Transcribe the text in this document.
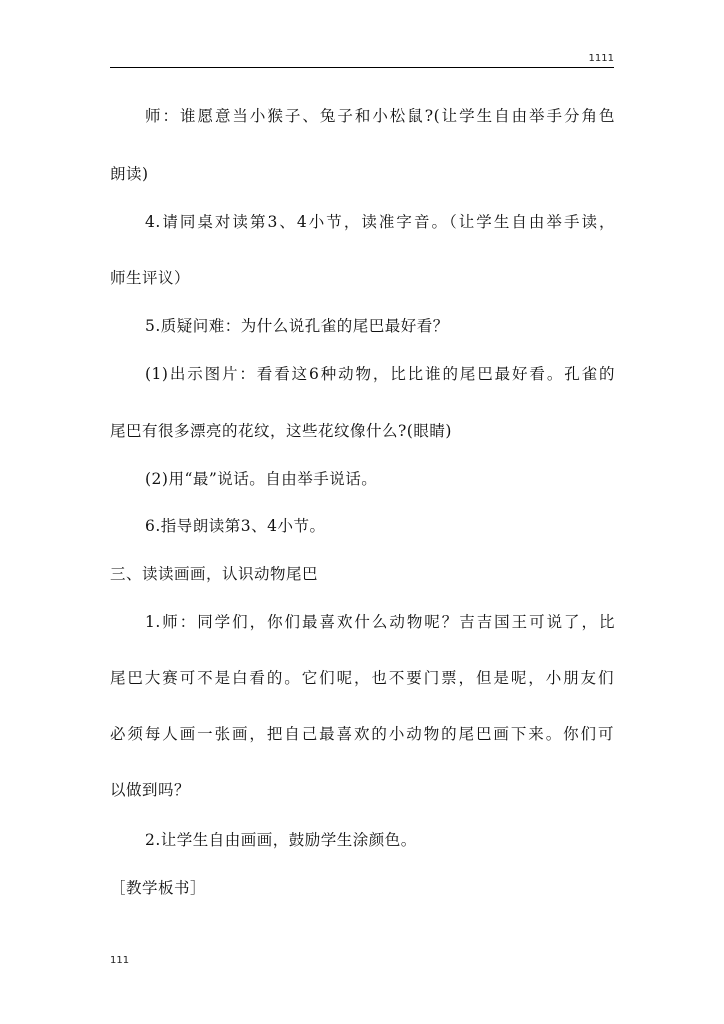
1111
师：谁愿意当小猴子、兔子和小松鼠?(让学生自由举手分角色
朗读)
4.请同桌对读第3、4小节，读准字音。（让学生自由举手读，
师生评议）
5.质疑问难：为什么说孔雀的尾巴最好看？
(1)出示图片：看看这6种动物，比比谁的尾巴最好看。孔雀的
尾巴有很多漂亮的花纹，这些花纹像什么?(眼睛)
(2)用“最”说话。自由举手说话。
6.指导朗读第3、4小节。
三、读读画画，认识动物尾巴
1.师：同学们，你们最喜欢什么动物呢？吉吉国王可说了，比
尾巴大赛可不是白看的。它们呢，也不要门票，但是呢，小朋友们
必须每人画一张画，把自己最喜欢的小动物的尾巴画下来。你们可
以做到吗？
2.让学生自由画画，鼓励学生涂颜色。
［教学板书］
111
